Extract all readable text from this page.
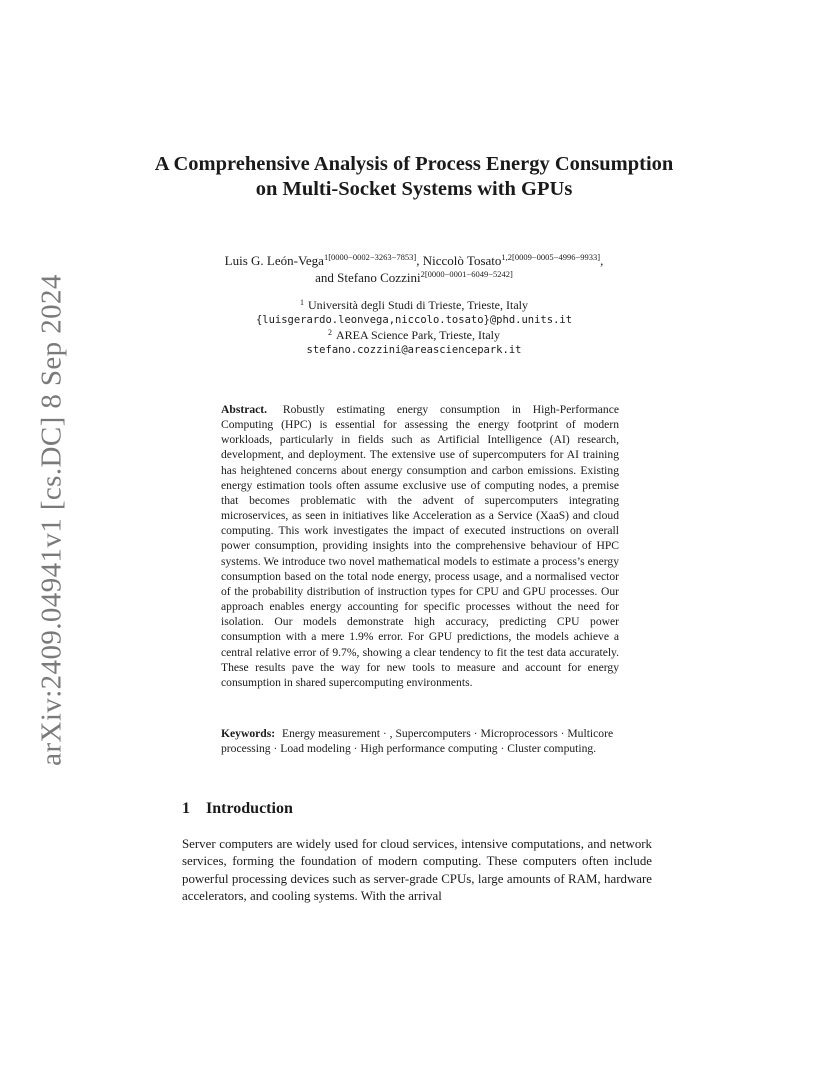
arXiv:2409.04941v1 [cs.DC] 8 Sep 2024
A Comprehensive Analysis of Process Energy Consumption on Multi-Socket Systems with GPUs
Luis G. León-Vega$^{1[0000-0002-3263-7853]}$, Niccolò Tosato$^{1,2[0009-0005-4996-9933]}$,
and Stefano Cozzini$^{2[0000-0001-6049-5242]}$
$^1$ Università degli Studi di Trieste, Trieste, Italy
{luisgerardo.leonvega,niccolo.tosato}@phd.units.it
$^2$ AREA Science Park, Trieste, Italy
stefano.cozzini@areasciencepark.it

Abstract. Robustly estimating energy consumption in High-Performance Computing (HPC) is essential for assessing the energy footprint of modern workloads, particularly in fields such as Artificial Intelligence (AI) research, development, and deployment. The extensive use of supercomputers for AI training has heightened concerns about energy consumption and carbon emissions. Existing energy estimation tools often assume exclusive use of computing nodes, a premise that becomes problematic with the advent of supercomputers integrating microservices, as seen in initiatives like Acceleration as a Service (XaaS) and cloud computing. This work investigates the impact of executed instructions on overall power consumption, providing insights into the comprehensive behaviour of HPC systems. We introduce two novel mathematical models to estimate a process’s energy consumption based on the total node energy, process usage, and a normalised vector of the probability distribution of instruction types for CPU and GPU processes. Our approach enables energy accounting for specific processes without the need for isolation. Our models demonstrate high accuracy, predicting CPU power consumption with a mere 1.9% error. For GPU predictions, the models achieve a central relative error of 9.7%, showing a clear tendency to fit the test data accurately. These results pave the way for new tools to measure and account for energy consumption in shared supercomputing environments.

Keywords: Energy measurement · , Supercomputers · Microprocessors · Multicore processing · Load modeling · High performance computing · Cluster computing.

1 Introduction

Server computers are widely used for cloud services, intensive computations, and network services, forming the foundation of modern computing. These computers often include powerful processing devices such as server-grade CPUs, large amounts of RAM, hardware accelerators, and cooling systems. With the arrival
